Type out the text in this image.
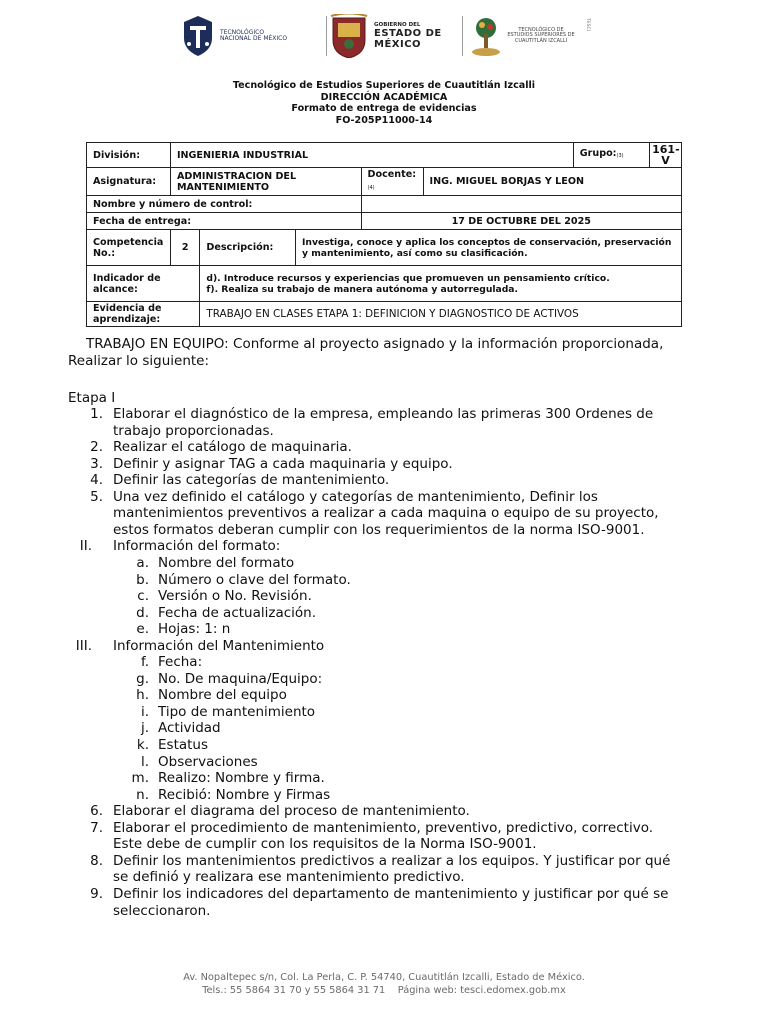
TECNOLÓGICO NACIONAL DE MÉXICO
GOBIERNO DEL
ESTADO DE
MÉXICO
TECNOLÓGICO DE ESTUDIOS SUPERIORES DE CUAUTITLÁN IZCALLI
TESCI
Tecnológico de Estudios Superiores de Cuautitlán Izcalli
DIRECCIÓN ACADÉMICA
Formato de entrega de evidencias
FO-205P11000-14
División:	INGENIERIA INDUSTRIAL					Grupo:(3)	161-V
Asignatura:	ADMINISTRACION DEL MANTENIMIENTO			Docente: (4)	ING. MIGUEL BORJAS Y LEON		
Nombre y número de control:							
Fecha de entrega:				17 DE OCTUBRE DEL 2025			
Competencia No.:	2	Descripción:	Investiga, conoce y aplica los conceptos de conservación, preservación y mantenimiento, así como su clasificación.				
Indicador de alcance:		d). Introduce recursos y experiencias que promueven un pensamiento crítico.
f). Realiza su trabajo de manera autónoma y autorregulada.					

Evidencia de aprendizaje:		TRABAJO EN CLASES ETAPA 1: DEFINICION Y DIAGNOSTICO DE ACTIVOS					

TRABAJO EN EQUIPO: Conforme al proyecto asignado y la información proporcionada, Realizar lo siguiente:

Etapa I
1. Elaborar el diagnóstico de la empresa, empleando las primeras 300 Ordenes de
trabajo proporcionadas.
2. Realizar el catálogo de maquinaria.
3. Definir y asignar TAG a cada maquinaria y equipo.
4. Definir las categorías de mantenimiento.
5. Una vez definido el catálogo y categorías de mantenimiento, Definir los
mantenimientos preventivos a realizar a cada maquina o equipo de su proyecto,
estos formatos deberan cumplir con los requerimientos de la norma ISO-9001.
II. Información del formato:
a. Nombre del formato
b. Número o clave del formato.
c. Versión o No. Revisión.
d. Fecha de actualización.
e. Hojas: 1: n
III. Información del Mantenimiento
f. Fecha:
g. No. De maquina/Equipo:
h. Nombre del equipo
i. Tipo de mantenimiento
j. Actividad
k. Estatus
l. Observaciones
m. Realizo: Nombre y firma.
n. Recibió: Nombre y Firmas
6. Elaborar el diagrama del proceso de mantenimiento.
7. Elaborar el procedimiento de mantenimiento, preventivo, predictivo, correctivo.
Este debe de cumplir con los requisitos de la Norma ISO-9001.
8. Definir los mantenimientos predictivos a realizar a los equipos. Y justificar por qué
se definió y realizara ese mantenimiento predictivo.
9. Definir los indicadores del departamento de mantenimiento y justificar por qué se
seleccionaron.
Av. Nopaltepec s/n, Col. La Perla, C. P. 54740, Cuautitlán Izcalli, Estado de México.
Tels.: 55 5864 31 70 y 55 5864 31 71    Página web: tesci.edomex.gob.mx
